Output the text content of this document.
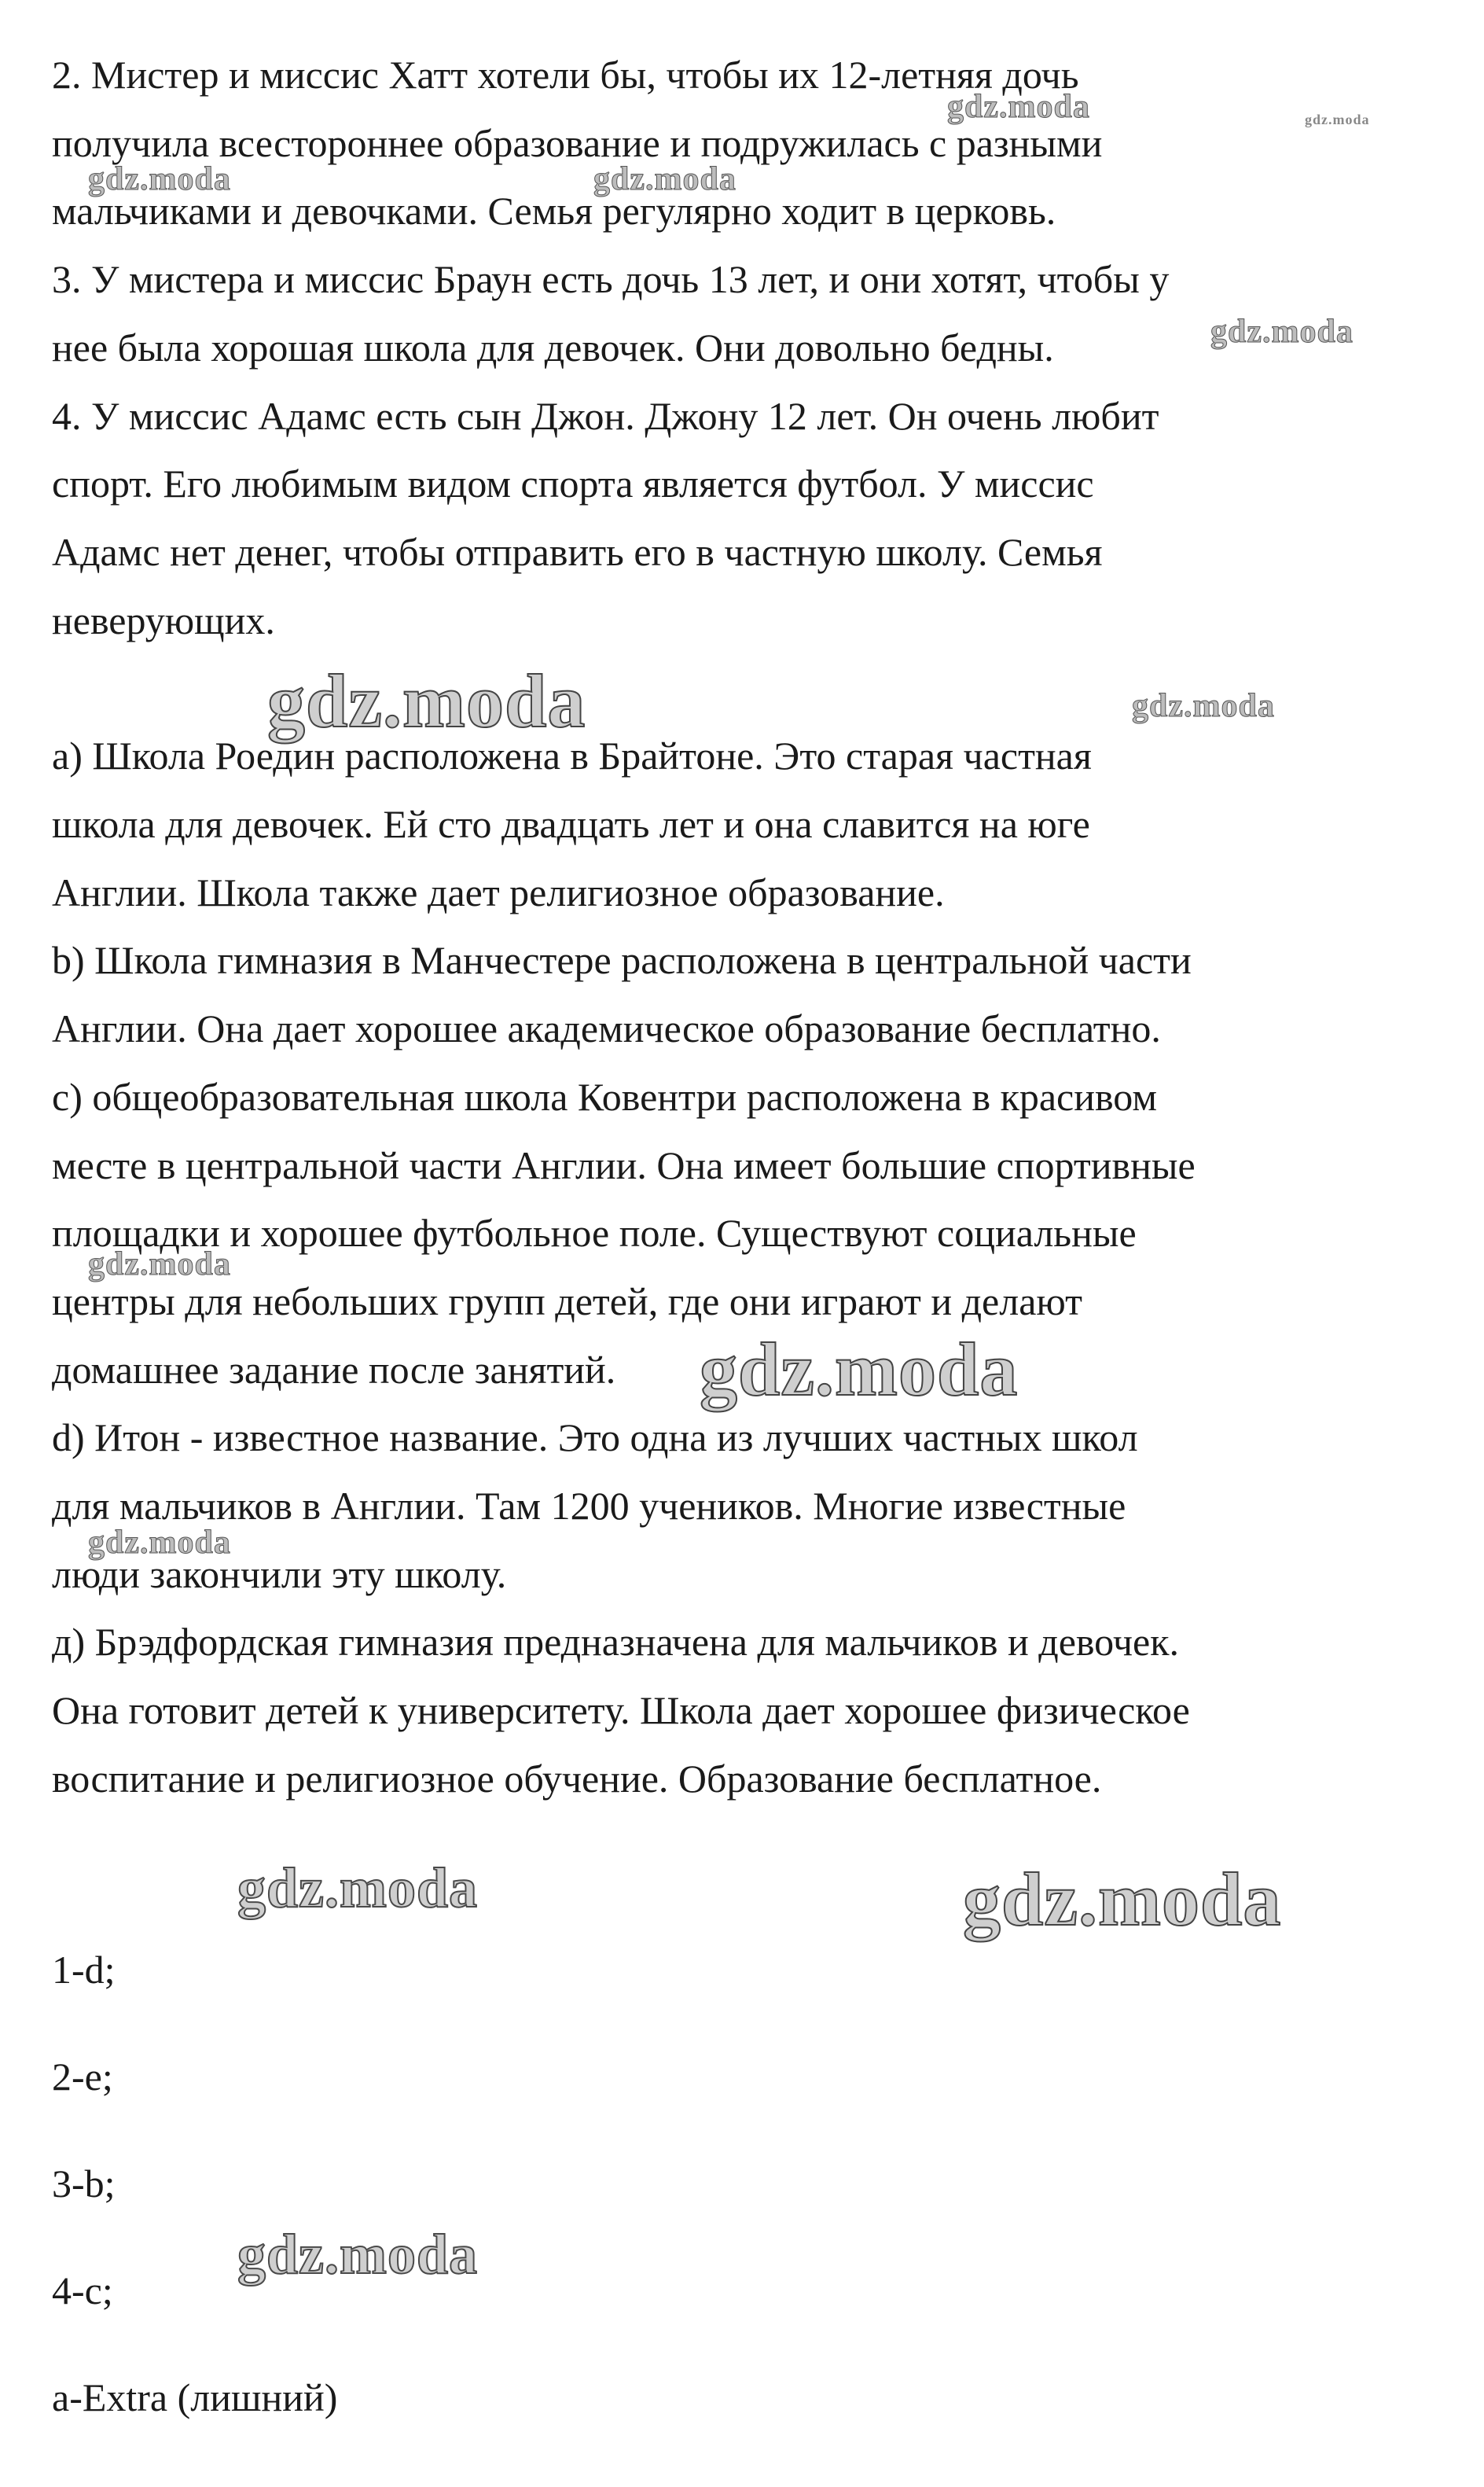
2. Мистер и миссис Хатт хотели бы, чтобы их 12-летняя дочь

получила всестороннее образование и подружилась с разными

мальчиками и девочками. Семья регулярно ходит в церковь.

3. У мистера и миссис Браун есть дочь 13 лет, и они хотят, чтобы у

нее была хорошая школа для девочек. Они довольно бедны.

4. У миссис Адамс есть сын Джон. Джону 12 лет. Он очень любит

спорт. Его любимым видом спорта является футбол. У миссис

Адамс нет денег, чтобы отправить его в частную школу. Семья

неверующих.

а) Школа Роедин расположена в Брайтоне. Это старая частная

школа для девочек. Ей сто двадцать лет и она славится на юге

Англии. Школа также дает религиозное образование.

b) Школа гимназия в Манчестере расположена в центральной части

Англии. Она дает хорошее академическое образование бесплатно.

с) общеобразовательная школа Ковентри расположена в красивом

месте в центральной части Англии. Она имеет большие спортивные

площадки и хорошее футбольное поле. Существуют социальные

центры для небольших групп детей, где они играют и делают

домашнее задание после занятий.

d) Итон - известное название. Это одна из лучших частных школ

для мальчиков в Англии. Там 1200 учеников. Многие известные

люди закончили эту школу.

д) Брэдфордская гимназия предназначена для мальчиков и девочек.

Она готовит детей к университету. Школа дает хорошее физическое

воспитание и религиозное обучение. Образование бесплатное.

1-d;

2-e;

3-b;

4-c;

a-Extra (лишний)

gdz.moda	gdz.moda
gdz.moda	gdz.moda
gdz.moda
gdz.moda	gdz.moda
gdz.moda
gdz.moda
gdz.moda
gdz.moda	gdz.moda
gdz.moda
